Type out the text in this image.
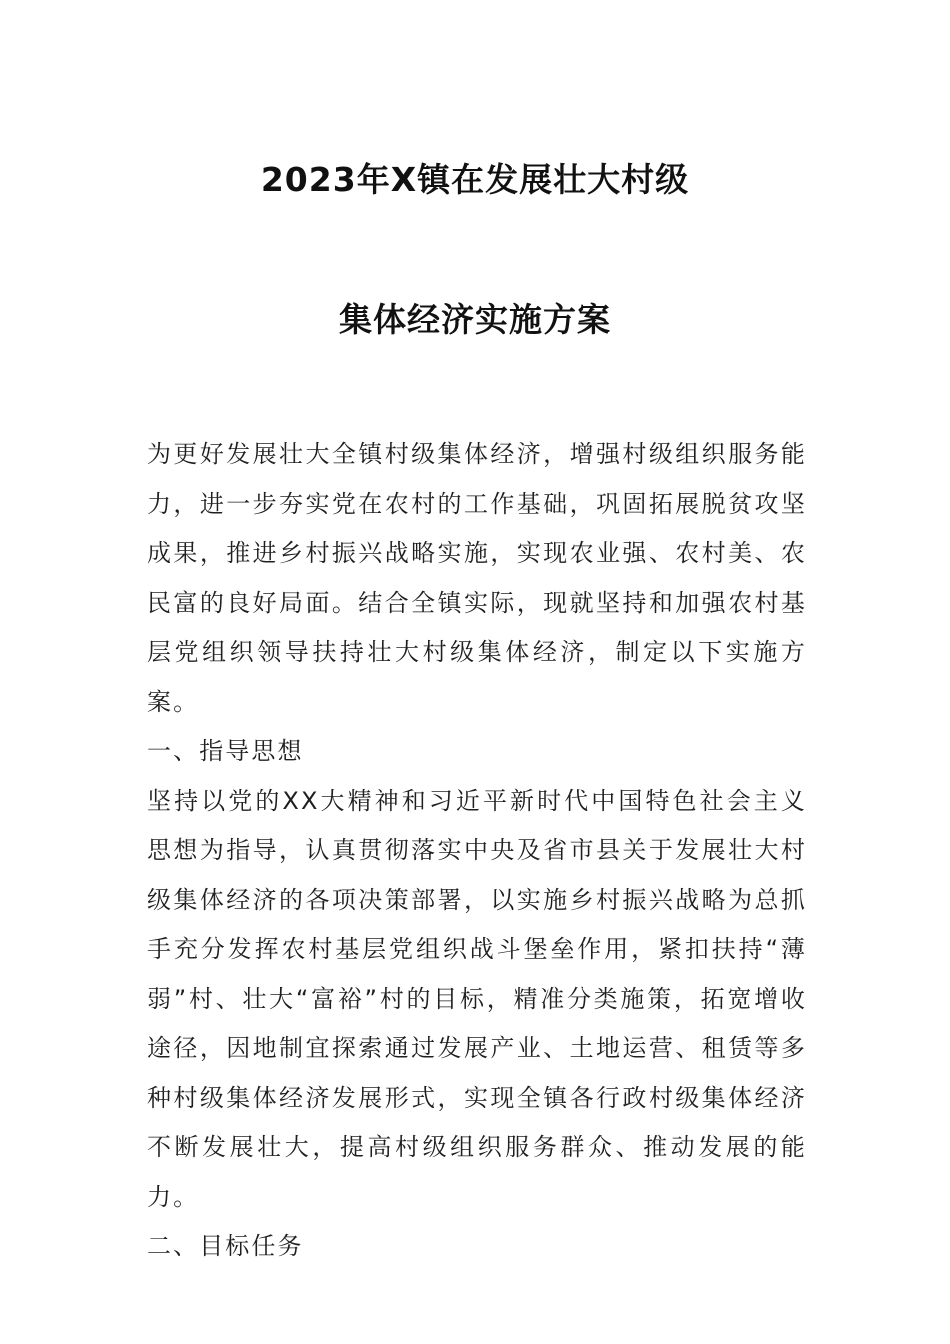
2023年X镇在发展壮大村级
集体经济实施方案

为更好发展壮大全镇村级集体经济，增强村级组织服务能力，进一步夯实党在农村的工作基础，巩固拓展脱贫攻坚成果，推进乡村振兴战略实施，实现农业强、农村美、农民富的良好局面。结合全镇实际，现就坚持和加强农村基层党组织领导扶持壮大村级集体经济，制定以下实施方案。

一、指导思想

坚持以党的XX大精神和习近平新时代中国特色社会主义思想为指导，认真贯彻落实中央及省市县关于发展壮大村级集体经济的各项决策部署，以实施乡村振兴战略为总抓手充分发挥农村基层党组织战斗堡垒作用，紧扣扶持“薄弱”村、壮大“富裕”村的目标，精准分类施策，拓宽增收途径，因地制宜探索通过发展产业、土地运营、租赁等多种村级集体经济发展形式，实现全镇各行政村级集体经济不断发展壮大，提高村级组织服务群众、推动发展的能力。

二、目标任务
